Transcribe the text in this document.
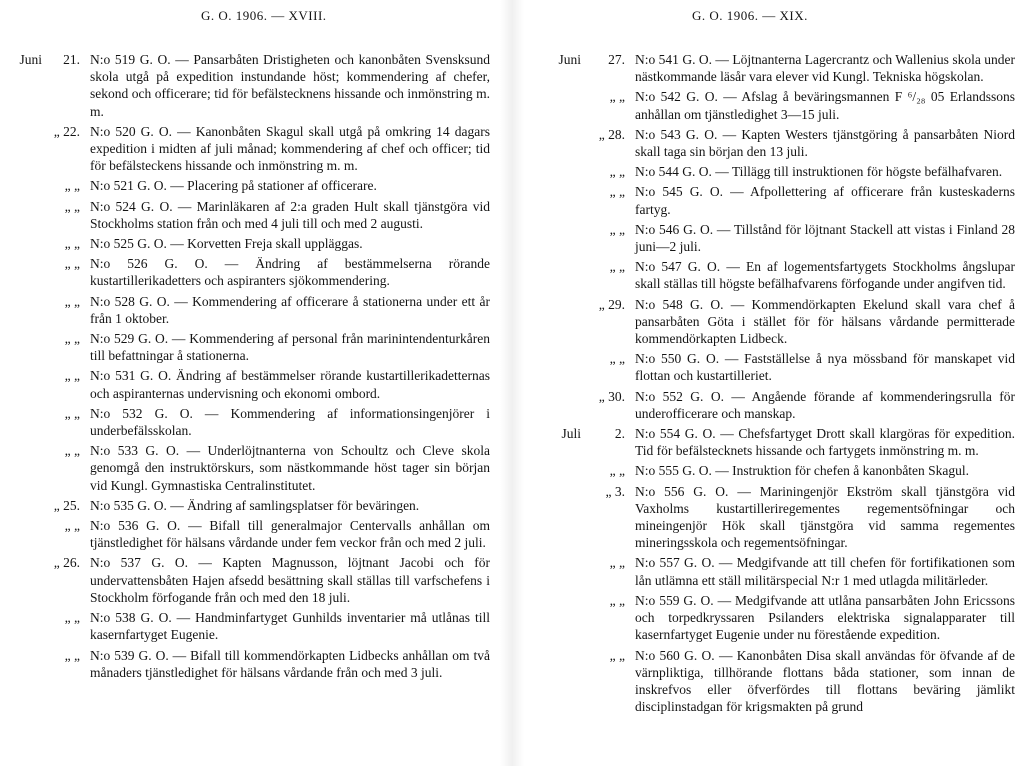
G. O. 1906. — XVIII.
Juni	21. N:o 519 G. O. — Pansarbåten Dristigheten och kanonbåten Svensksund skola utgå på expedition instundande höst; kommendering af chefer, sekond och officerare; tid för befälstecknens hissande och inmönstring m. m.
„ 22. N:o 520 G. O. — Kanonbåten Skagul skall utgå på omkring 14 dagars expedition i midten af juli månad; kommendering af chef och officer; tid för befälsteckens hissande och inmönstring m. m.
„ „ N:o 521 G. O. — Placering på stationer af officerare.
„ „ N:o 524 G. O. — Marinläkaren af 2:a graden Hult skall tjänstgöra vid Stockholms station från och med 4 juli till och med 2 augusti.
„ „ N:o 525 G. O. — Korvetten Freja skall uppläggas.
„ „ N:o 526 G. O. — Ändring af bestämmelserna rörande kustartillerikadetters och aspiranters sjökommendering.
„ „ N:o 528 G. O. — Kommendering af officerare å stationerna under ett år från 1 oktober.
„ „ N:o 529 G. O. — Kommendering af personal från marinintendenturkåren till befattningar å stationerna.
„ „ N:o 531 G. O. Ändring af bestämmelser rörande kustartillerikadetternas och aspiranternas undervisning och ekonomi ombord.
„ „ N:o 532 G. O. — Kommendering af informationsingenjörer i underbefälsskolan.
„ „ N:o 533 G. O. — Underlöjtnanterna von Schoultz och Cleve skola genomgå den instruktörskurs, som nästkommande höst tager sin början vid Kungl. Gymnastiska Centralinstitutet.
„ 25. N:o 535 G. O. — Ändring af samlingsplatser för beväringen.
„ „ N:o 536 G. O. — Bifall till generalmajor Centervalls anhållan om tjänstledighet för hälsans vårdande under fem veckor från och med 2 juli.
„ 26. N:o 537 G. O. — Kapten Magnusson, löjtnant Jacobi och för undervattensbåten Hajen afsedd besättning skall ställas till varfschefens i Stockholm förfogande från och med den 18 juli.
„ „ N:o 538 G. O. — Handminfartyget Gunhilds inventarier må utlånas till kasernfartyget Eugenie.
„ „ N:o 539 G. O. — Bifall till kommendörkapten Lidbecks anhållan om två månaders tjänstledighet för hälsans vårdande från och med 3 juli.
G. O. 1906. — XIX.
Juni	27. N:o 541 G. O. — Löjtnanterna Lagercrantz och Wallenius skola under nästkommande läsår vara elever vid Kungl. Tekniska högskolan.
„ „ N:o 542 G. O. — Afslag å beväringsmannen F ⁶/₂₈ 05 Erlandssons anhållan om tjänstledighet 3—15 juli.
„ 28. N:o 543 G. O. — Kapten Westers tjänstgöring å pansarbåten Niord skall taga sin början den 13 juli.
„ „ N:o 544 G. O. — Tillägg till instruktionen för högste befälhafvaren.
„ „ N:o 545 G. O. — Afpollettering af officerare från kusteskaderns fartyg.
„ „ N:o 546 G. O. — Tillstånd för löjtnant Stackell att vistas i Finland 28 juni—2 juli.
„ „ N:o 547 G. O. — En af logementsfartygets Stockholms ångslupar skall ställas till högste befälhafvarens förfogande under angifven tid.
„ 29. N:o 548 G. O. — Kommendörkapten Ekelund skall vara chef å pansarbåten Göta i stället för för hälsans vårdande permitterade kommendörkapten Lidbeck.
„ „ N:o 550 G. O. — Fastställelse å nya mössband för manskapet vid flottan och kustartilleriet.
„ 30. N:o 552 G. O. — Angående förande af kommenderingsrulla för underofficerare och manskap.
Juli	2. N:o 554 G. O. — Chefsfartyget Drott skall klargöras för expedition. Tid för befälstecknets hissande och fartygets inmönstring m. m.
„ „ N:o 555 G. O. — Instruktion för chefen å kanonbåten Skagul.
„ 3. N:o 556 G. O. — Mariningenjör Ekström skall tjänstgöra vid Vaxholms kustartilleriregementes regementsöfningar och mineingenjör Hök skall tjänstgöra vid samma regementes mineringsskola och regementsöfningar.
„ „ N:o 557 G. O. — Medgifvande att till chefen för fortifikationen som lån utlämna ett ställ militärspecial N:r 1 med utlagda militärleder.
„ „ N:o 559 G. O. — Medgifvande att utlåna pansarbåten John Ericssons och torpedkryssaren Psilanders elektriska signalapparater till kasernfartyget Eugenie under nu förestående expedition.
„ „ N:o 560 G. O. — Kanonbåten Disa skall användas för öfvande af de värnpliktiga, tillhörande flottans båda stationer, som innan de inskrefvos eller öfverfördes till flottans beväring jämlikt disciplinstadgan för krigsmakten på grund
